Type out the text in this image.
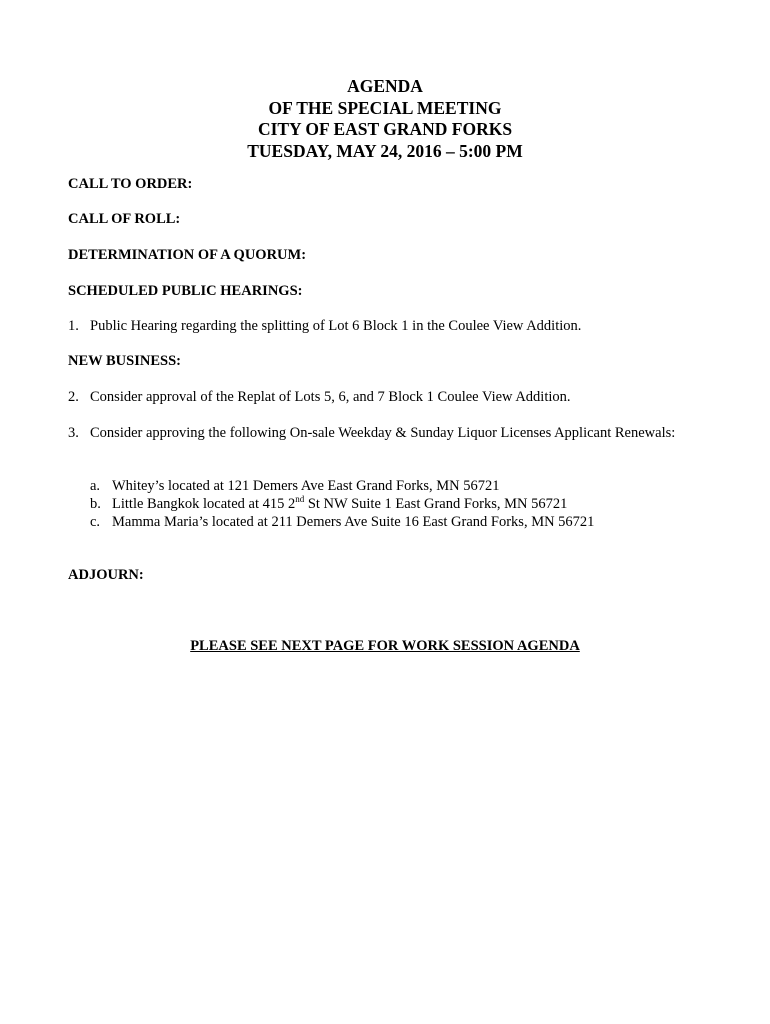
AGENDA
OF THE SPECIAL MEETING
CITY OF EAST GRAND FORKS
TUESDAY, MAY 24, 2016 – 5:00 PM
CALL TO ORDER:
CALL OF ROLL:
DETERMINATION OF A QUORUM:
SCHEDULED PUBLIC HEARINGS:
1. Public Hearing regarding the splitting of Lot 6 Block 1 in the Coulee View Addition.
NEW BUSINESS:
2. Consider approval of the Replat of Lots 5, 6, and 7 Block 1 Coulee View Addition.
3. Consider approving the following On-sale Weekday & Sunday Liquor Licenses Applicant Renewals:
a. Whitey’s located at 121 Demers Ave East Grand Forks, MN 56721
b. Little Bangkok located at 415 2nd St NW Suite 1 East Grand Forks, MN 56721
c. Mamma Maria’s located at 211 Demers Ave Suite 16 East Grand Forks, MN 56721
ADJOURN:
PLEASE SEE NEXT PAGE FOR WORK SESSION AGENDA
